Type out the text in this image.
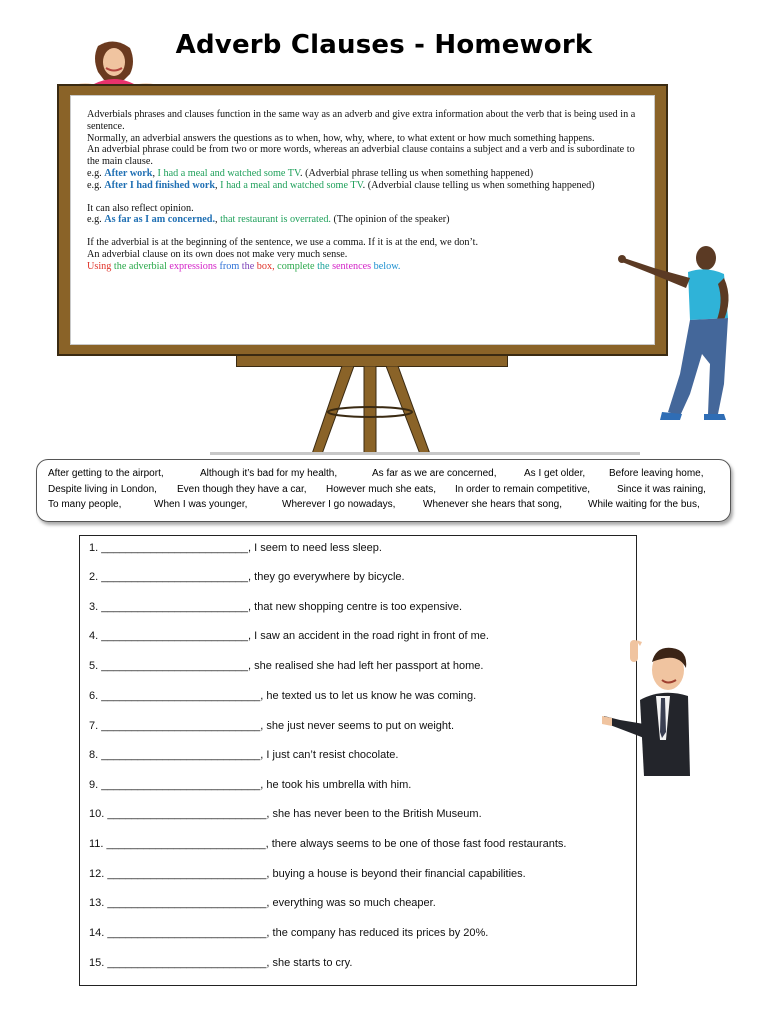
Adverb Clauses - Homework

Adverbials phrases and clauses function in the same way as an adverb and give extra information about the verb that is being used in a sentence.

Normally, an adverbial answers the questions as to when, how, why, where, to what extent or how much something happens.

An adverbial phrase could be from two or more words, whereas an adverbial clause contains a subject and a verb and is subordinate to the main clause.

e.g. After work, I had a meal and watched some TV. (Adverbial phrase telling us when something happened)

e.g. After I had finished work, I had a meal and watched some TV. (Adverbial clause telling us when something happened)

It can also reflect opinion.

e.g. As far as I am concerned., that restaurant is overrated. (The opinion of the speaker)

If the adverbial is at the beginning of the sentence, we use a comma. If it is at the end, we don’t.

An adverbial clause on its own does not make very much sense.

Using the adverbial expressions from the box, complete the sentences below.

After getting to the airport,	Although it’s bad for my health,	As far as we are concerned,	As I get older,	Before leaving home,
Despite living in London,	Even though they have a car,	However much she eats,	In order to remain competitive,	Since it was raining,
To many people,	When I was younger,	Wherever I go nowadays,	Whenever she hears that song,	While waiting for the bus,
1. ________________________, I seem to need less sleep.
2. ________________________, they go everywhere by bicycle.
3. ________________________, that new shopping centre is too expensive.
4. ________________________, I saw an accident in the road right in front of me.
5. ________________________, she realised she had left her passport at home.
6. __________________________, he texted us to let us know he was coming.
7. __________________________, she just never seems to put on weight.
8. __________________________, I just can’t resist chocolate.
9. __________________________, he took his umbrella with him.
10. __________________________, she has never been to the British Museum.
11. __________________________, there always seems to be one of those fast food restaurants.
12. __________________________, buying a house is beyond their financial capabilities.
13. __________________________, everything was so much cheaper.
14. __________________________, the company has reduced its prices by 20%.
15. __________________________, she starts to cry.
